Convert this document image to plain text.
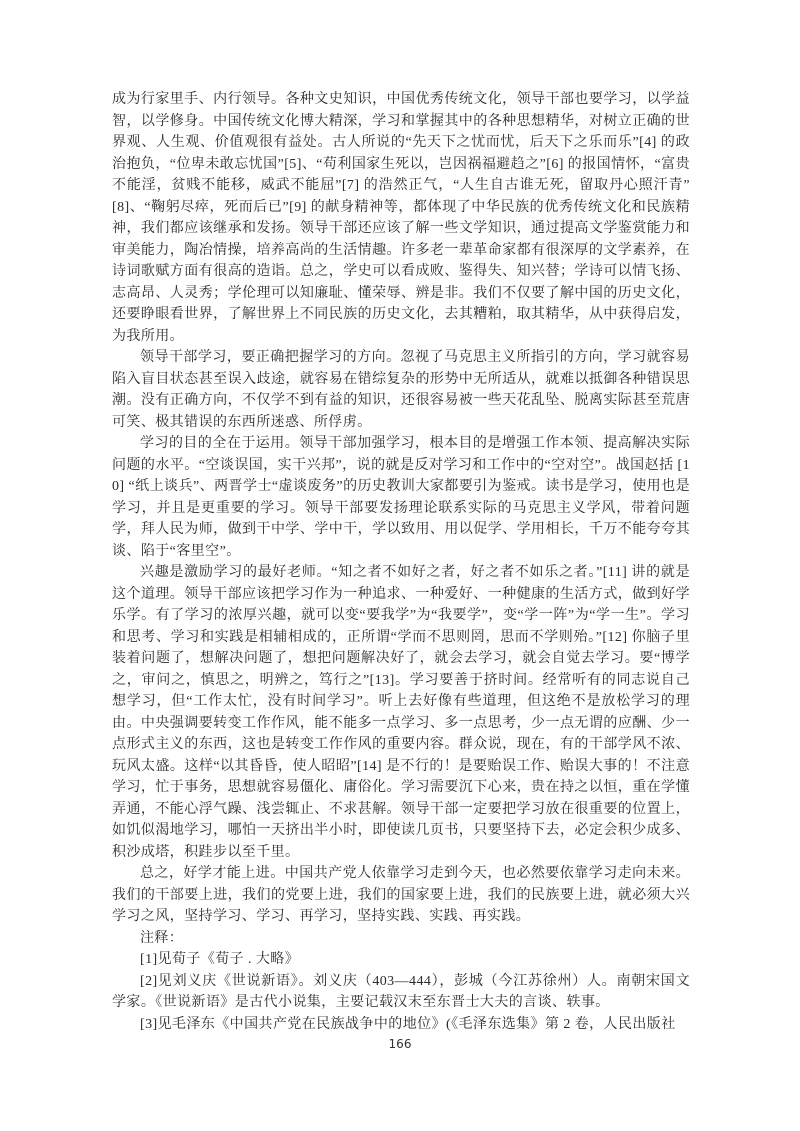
成为行家里手、内行领导。各种文史知识，中国优秀传统文化，领导干部也要学习，以学益智，以学修身。中国传统文化博大精深，学习和掌握其中的各种思想精华，对树立正确的世界观、人生观、价值观很有益处。古人所说的“先天下之忧而忧，后天下之乐而乐”[4] 的政治抱负，“位卑未敢忘忧国”[5]、“苟利国家生死以，岂因祸福避趋之”[6] 的报国情怀，“富贵不能淫，贫贱不能移，威武不能屈”[7] 的浩然正气，“人生自古谁无死，留取丹心照汗青”[8]、“鞠躬尽瘁，死而后已”[9] 的献身精神等，都体现了中华民族的优秀传统文化和民族精神，我们都应该继承和发扬。领导干部还应该了解一些文学知识，通过提高文学鉴赏能力和审美能力，陶冶情操，培养高尚的生活情趣。许多老一辈革命家都有很深厚的文学素养，在诗词歌赋方面有很高的造诣。总之，学史可以看成败、鉴得失、知兴替；学诗可以情飞扬、志高昂、人灵秀；学伦理可以知廉耻、懂荣辱、辨是非。我们不仅要了解中国的历史文化，还要睁眼看世界，了解世界上不同民族的历史文化，去其糟粕，取其精华，从中获得启发，为我所用。

领导干部学习，要正确把握学习的方向。忽视了马克思主义所指引的方向，学习就容易陷入盲目状态甚至误入歧途，就容易在错综复杂的形势中无所适从，就难以抵御各种错误思潮。没有正确方向，不仅学不到有益的知识，还很容易被一些天花乱坠、脱离实际甚至荒唐可笑、极其错误的东西所迷惑、所俘虏。

学习的目的全在于运用。领导干部加强学习，根本目的是增强工作本领、提高解决实际问题的水平。“空谈误国，实干兴邦”，说的就是反对学习和工作中的“空对空”。战国赵括 [10] “纸上谈兵”、两晋学士“虚谈废务”的历史教训大家都要引为鉴戒。读书是学习，使用也是学习，并且是更重要的学习。领导干部要发扬理论联系实际的马克思主义学风，带着问题学，拜人民为师，做到干中学、学中干，学以致用、用以促学、学用相长，千万不能夸夸其谈、陷于“客里空”。

兴趣是激励学习的最好老师。“知之者不如好之者，好之者不如乐之者。”[11] 讲的就是这个道理。领导干部应该把学习作为一种追求、一种爱好、一种健康的生活方式，做到好学乐学。有了学习的浓厚兴趣，就可以变“要我学”为“我要学”，变“学一阵”为“学一生”。学习和思考、学习和实践是相辅相成的，正所谓“学而不思则罔，思而不学则殆。”[12] 你脑子里装着问题了，想解决问题了，想把问题解决好了，就会去学习，就会自觉去学习。要“博学之，审问之，慎思之，明辨之，笃行之”[13]。学习要善于挤时间。经常听有的同志说自己想学习，但“工作太忙，没有时间学习”。听上去好像有些道理，但这绝不是放松学习的理由。中央强调要转变工作作风，能不能多一点学习、多一点思考，少一点无谓的应酬、少一点形式主义的东西，这也是转变工作作风的重要内容。群众说，现在，有的干部学风不浓、玩风太盛。这样“以其昏昏，使人昭昭”[14] 是不行的！是要贻误工作、贻误大事的！不注意学习，忙于事务，思想就容易僵化、庸俗化。学习需要沉下心来，贵在持之以恒，重在学懂弄通，不能心浮气躁、浅尝辄止、不求甚解。领导干部一定要把学习放在很重要的位置上，如饥似渴地学习，哪怕一天挤出半小时，即使读几页书，只要坚持下去，必定会积少成多、积沙成塔，积跬步以至千里。

总之，好学才能上进。中国共产党人依靠学习走到今天，也必然要依靠学习走向未来。我们的干部要上进，我们的党要上进，我们的国家要上进，我们的民族要上进，就必须大兴学习之风，坚持学习、学习、再学习，坚持实践、实践、再实践。

注释：

[1]见荀子《荀子 . 大略》

[2]见刘义庆《世说新语》。刘义庆（403—444），彭城（今江苏徐州）人。南朝宋国文学家。《世说新语》是古代小说集，主要记载汉末至东晋士大夫的言谈、轶事。

[3]见毛泽东《中国共产党在民族战争中的地位》(《毛泽东选集》第 2 卷，人民出版社

166
